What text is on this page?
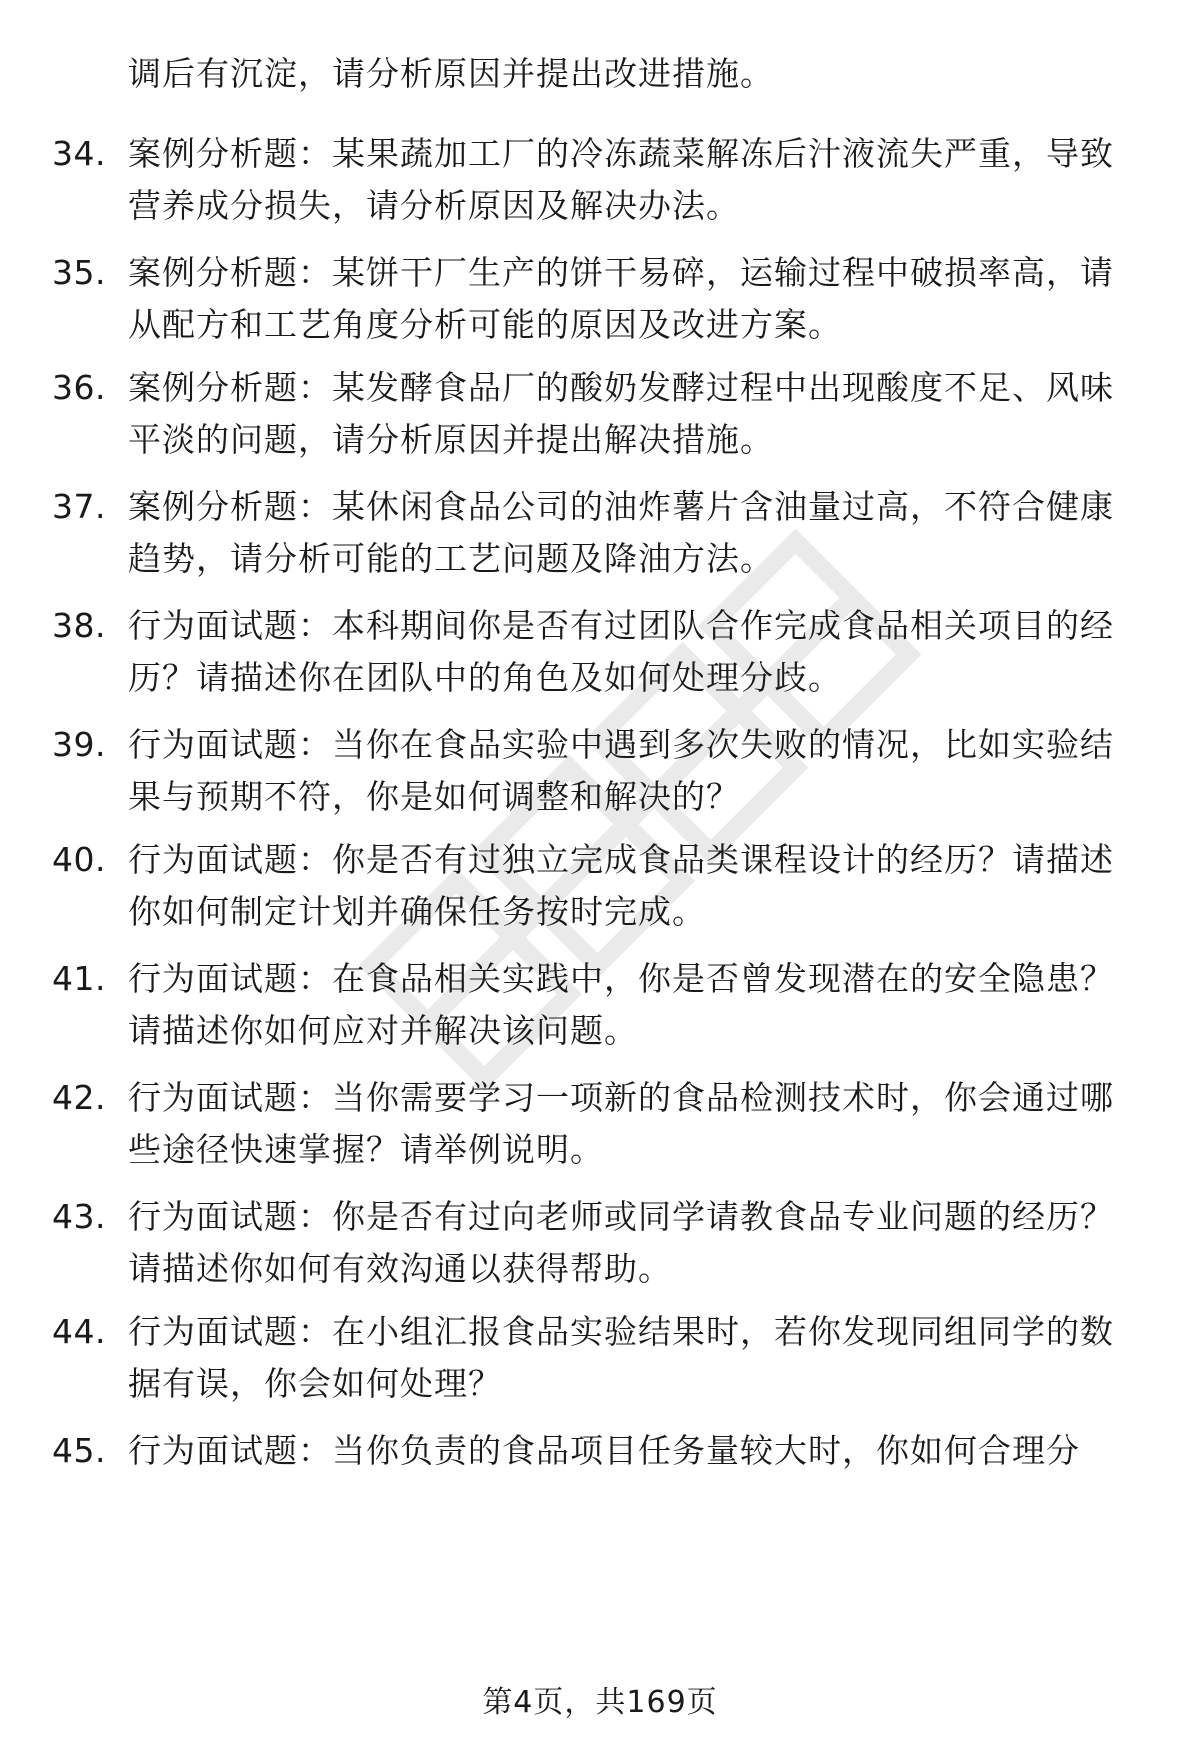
调后有沉淀，请分析原因并提出改进措施。
34. 案例分析题：某果蔬加工厂的冷冻蔬菜解冻后汁液流失严重，导致营养成分损失，请分析原因及解决办法。
35. 案例分析题：某饼干厂生产的饼干易碎，运输过程中破损率高，请从配方和工艺角度分析可能的原因及改进方案。
36. 案例分析题：某发酵食品厂的酸奶发酵过程中出现酸度不足、风味平淡的问题，请分析原因并提出解决措施。
37. 案例分析题：某休闲食品公司的油炸薯片含油量过高，不符合健康趋势，请分析可能的工艺问题及降油方法。
38. 行为面试题：本科期间你是否有过团队合作完成食品相关项目的经历？请描述你在团队中的角色及如何处理分歧。
39. 行为面试题：当你在食品实验中遇到多次失败的情况，比如实验结果与预期不符，你是如何调整和解决的？
40. 行为面试题：你是否有过独立完成食品类课程设计的经历？请描述你如何制定计划并确保任务按时完成。
41. 行为面试题：在食品相关实践中，你是否曾发现潜在的安全隐患？请描述你如何应对并解决该问题。
42. 行为面试题：当你需要学习一项新的食品检测技术时，你会通过哪些途径快速掌握？请举例说明。
43. 行为面试题：你是否有过向老师或同学请教食品专业问题的经历？请描述你如何有效沟通以获得帮助。
44. 行为面试题：在小组汇报食品实验结果时，若你发现同组同学的数据有误，你会如何处理？
45. 行为面试题：当你负责的食品项目任务量较大时，你如何合理分
第4页，共169页
